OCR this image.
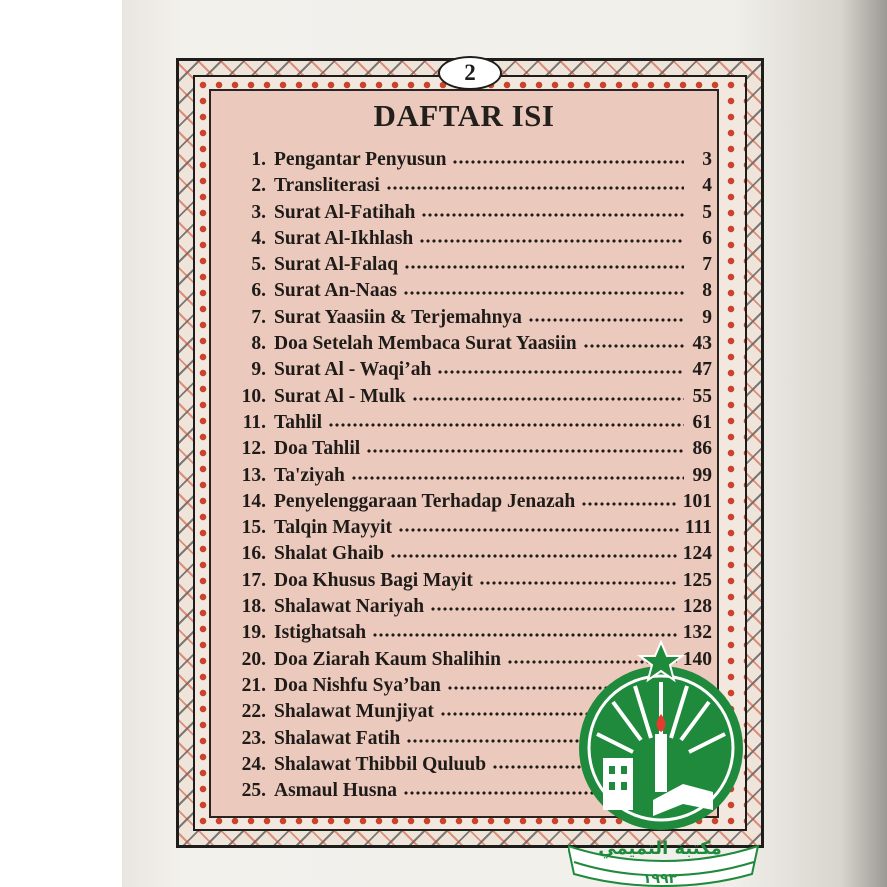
2
DAFTAR ISI
1. Pengantar Penyusun	3
2. Transliterasi	4
3. Surat Al-Fatihah	5
4. Surat Al-Ikhlash	6
5. Surat Al-Falaq	7
6. Surat An-Naas	8
7. Surat Yaasiin & Terjemahnya	9
8. Doa Setelah Membaca Surat Yaasiin	43
9. Surat Al - Waqi’ah	47
10. Surat Al - Mulk	55
11. Tahlil	61
12. Doa Tahlil	86
13. Ta'ziyah	99
14. Penyelenggaraan Terhadap Jenazah	101
15. Talqin Mayyit	111
16. Shalat Ghaib	124
17. Doa Khusus Bagi Mayit	125
18. Shalawat Nariyah	128
19. Istighatsah	132
20. Doa Ziarah Kaum Shalihin	140
21. Doa Nishfu Sya’ban
22. Shalawat Munjiyat
23. Shalawat Fatih
24. Shalawat Thibbil Quluub
25. Asmaul Husna
مكتبة التميمي
١٩٩٣
